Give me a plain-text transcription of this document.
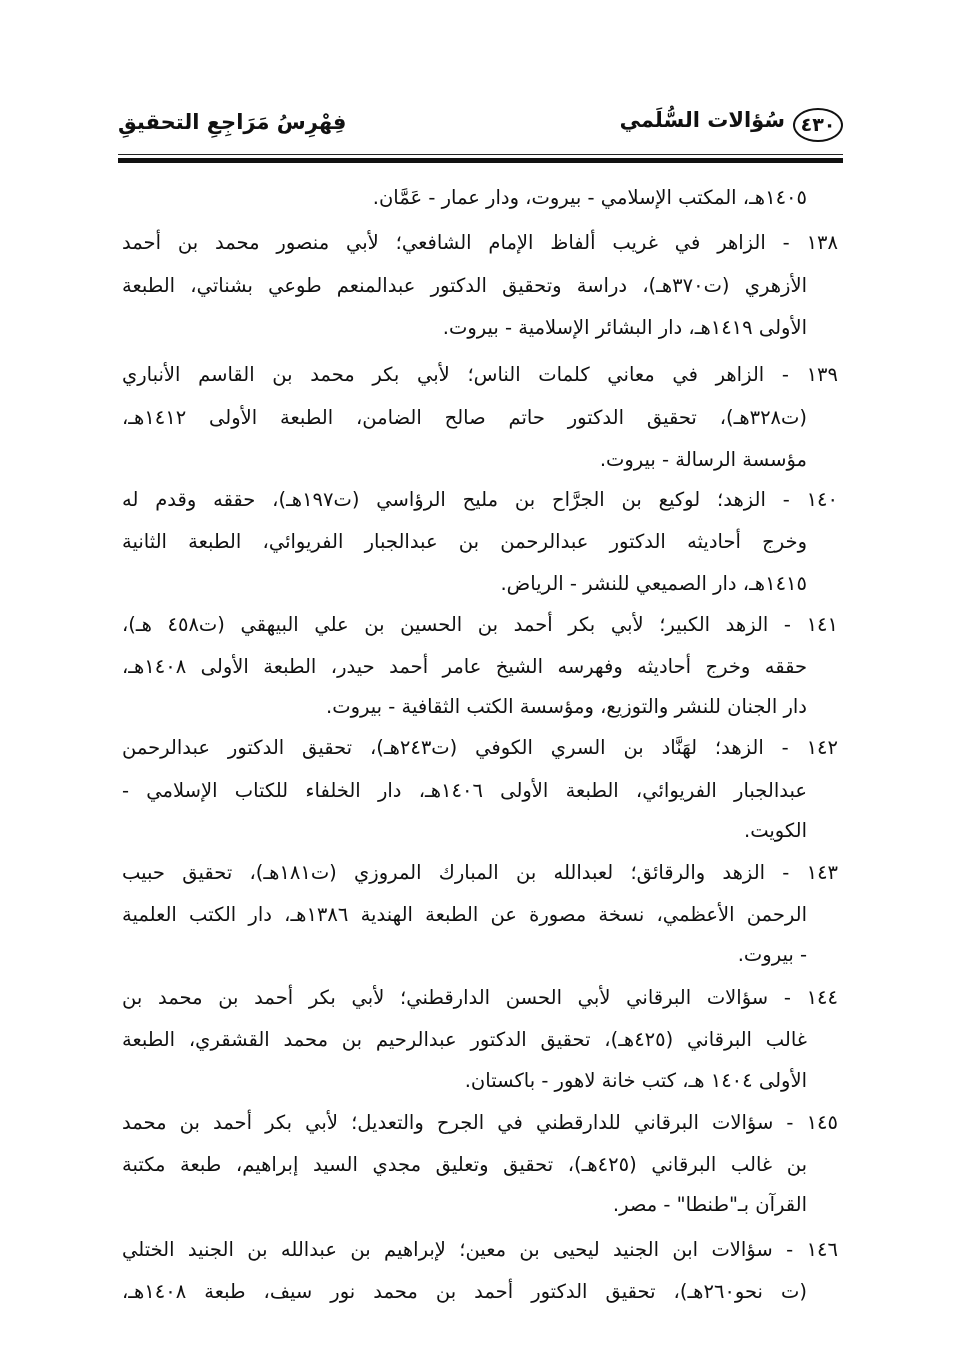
٤٣٠
سُؤالات السُّلَمي
فِهْرِسُ مَرَاجِعِ التحقيقِ
١٤٠٥هـ، المكتب الإسلامي - بيروت، ودار عمار - عَمَّان.
١٣٨ - الزاهر في غريب ألفاظ الإمام الشافعي؛ لأبي منصور محمد بن أحمد
الأزهري (ت٣٧٠هـ)، دراسة وتحقيق الدكتور عبدالمنعم طوعي بشناتي، الطبعة
الأولى ١٤١٩هـ، دار البشائر الإسلامية - بيروت.
١٣٩ - الزاهر في معاني كلمات الناس؛ لأبي بكر محمد بن القاسم الأنباري
(ت٣٢٨هـ)، تحقيق الدكتور حاتم صالح الضامن، الطبعة الأولى ١٤١٢هـ،
مؤسسة الرسالة - بيروت.
١٤٠ - الزهد؛ لوكيع بن الجرَّاح بن مليح الرؤاسي (ت١٩٧هـ)، حققه وقدم له
وخرج أحاديثه الدكتور عبدالرحمن بن عبدالجبار الفريوائي، الطبعة الثانية
١٤١٥هـ، دار الصميعي للنشر - الرياض.
١٤١ - الزهد الكبير؛ لأبي بكر أحمد بن الحسين بن علي البيهقي (ت٤٥٨ هـ)،
حققه وخرج أحاديثه وفهرسه الشيخ عامر أحمد حيدر، الطبعة الأولى ١٤٠٨هـ،
دار الجنان للنشر والتوزيع، ومؤسسة الكتب الثقافية - بيروت.
١٤٢ - الزهد؛ لهَنَّاد بن السري الكوفي (ت٢٤٣هـ)، تحقيق الدكتور عبدالرحمن
عبدالجبار الفريوائي، الطبعة الأولى ١٤٠٦هـ، دار الخلفاء للكتاب الإسلامي -
الكويت.
١٤٣ - الزهد والرقائق؛ لعبدالله بن المبارك المروزي (ت١٨١هـ)، تحقيق حبيب
الرحمن الأعظمي، نسخة مصورة عن الطبعة الهندية ١٣٨٦هـ، دار الكتب العلمية
- بيروت.
١٤٤ - سؤالات البرقاني لأبي الحسن الدارقطني؛ لأبي بكر أحمد بن محمد بن
غالب البرقاني (٤٢٥هـ)، تحقيق الدكتور عبدالرحيم بن محمد القشقري، الطبعة
الأولى ١٤٠٤ هـ، كتب خانة لاهور - باكستان.
١٤٥ - سؤالات البرقاني للدارقطني في الجرح والتعديل؛ لأبي بكر أحمد بن محمد
بن غالب البرقاني (٤٢٥هـ)، تحقيق وتعليق مجدي السيد إبراهيم، طبعة مكتبة
القرآن بـ"طنطا" - مصر.
١٤٦ - سؤالات ابن الجنيد ليحيى بن معين؛ لإبراهيم بن عبدالله بن الجنيد الختلي
(ت نحو٢٦٠هـ)، تحقيق الدكتور أحمد بن محمد نور سيف، طبعة ١٤٠٨هـ،
